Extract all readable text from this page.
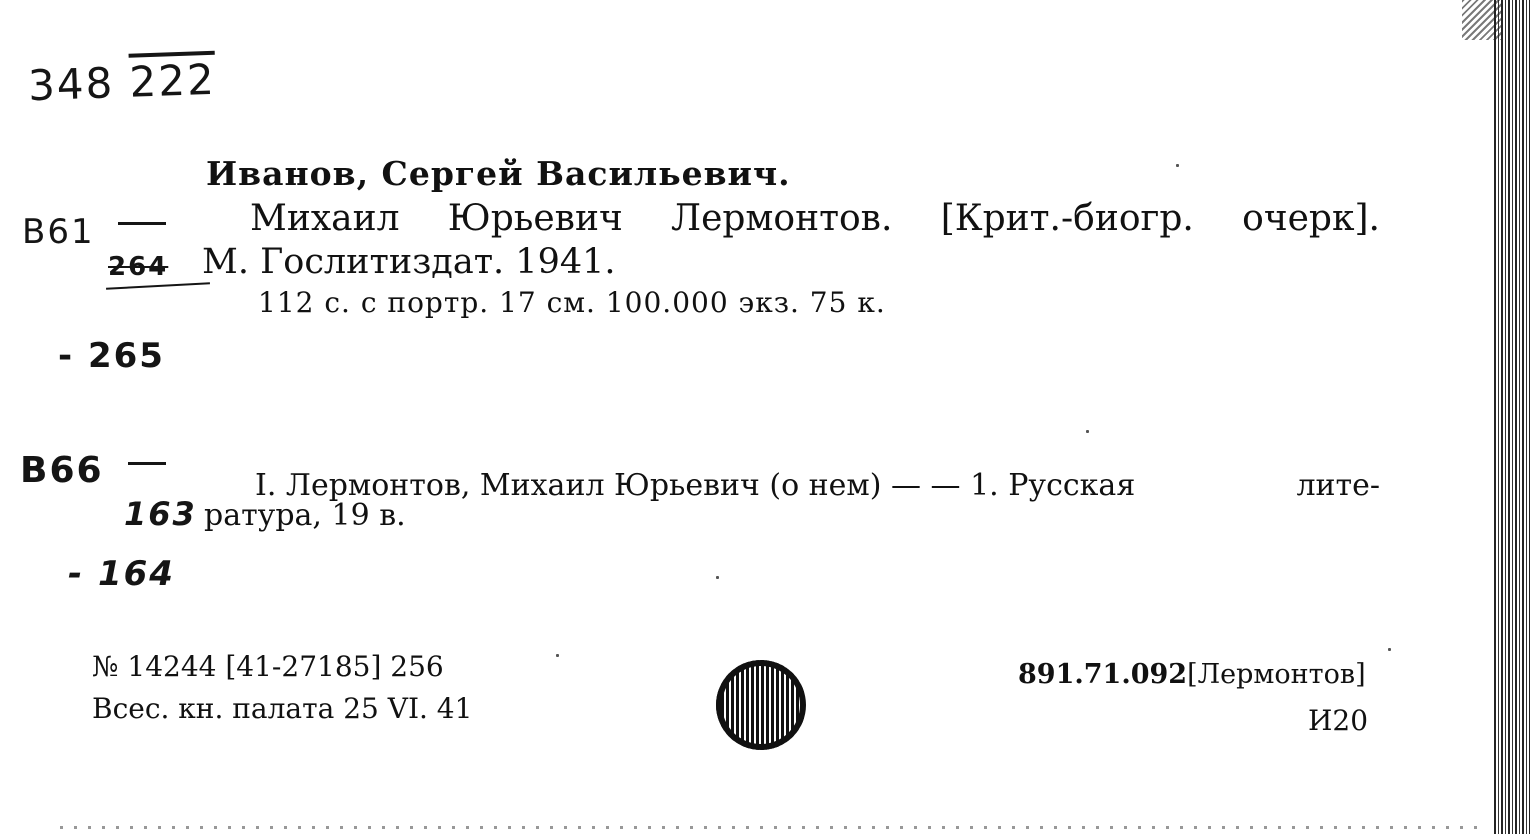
348 222
В61
264
- 265
В66
163
- 164
Иванов, Сергей Васильевич.
Михаил Юрьевич Лермонтов. [Крит.-биогр. очерк].
М. Гослитиздат. 1941.
112 с. с портр. 17 см. 100.000 экз. 75 к.
I. Лермонтов, Михаил Юрьевич (о нем) — — 1. Русская	лите-
ратура, 19 в.
№ 14244 [41-27185] 256
Всес. кн. палата 25 VI. 41
891.71.092[Лермонтов]
И20
